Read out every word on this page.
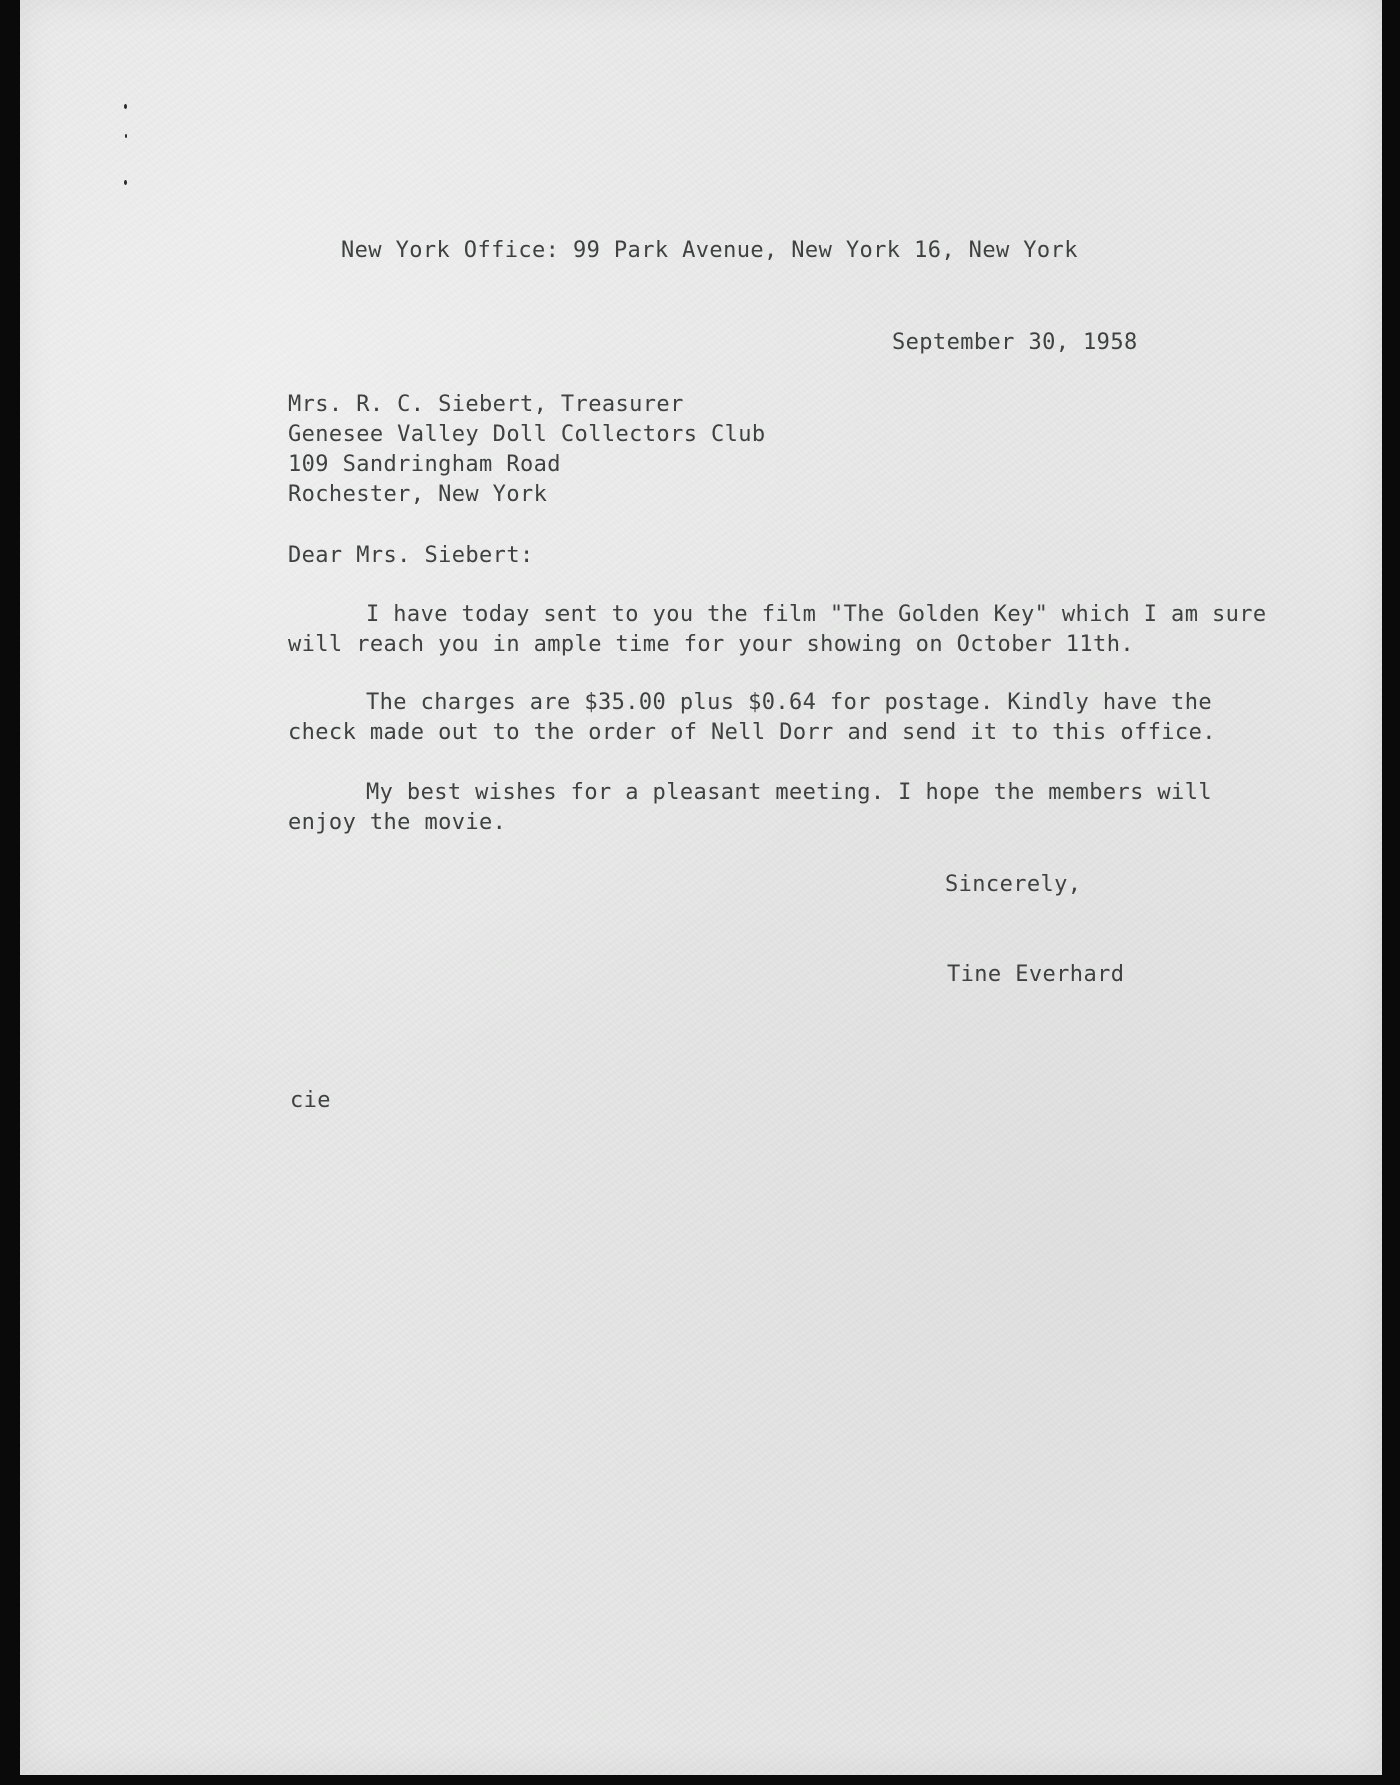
New York Office: 99 Park Avenue, New York 16, New York
September 30, 1958
Mrs. R. C. Siebert, Treasurer
Genesee Valley Doll Collectors Club
109 Sandringham Road
Rochester, New York
Dear Mrs. Siebert:
I have today sent to you the film "The Golden Key" which I am sure
will reach you in ample time for your showing on October 11th.
The charges are $35.00 plus $0.64 for postage. Kindly have the
check made out to the order of Nell Dorr and send it to this office.
My best wishes for a pleasant meeting. I hope the members will
enjoy the movie.
Sincerely,
Tine Everhard
cie
